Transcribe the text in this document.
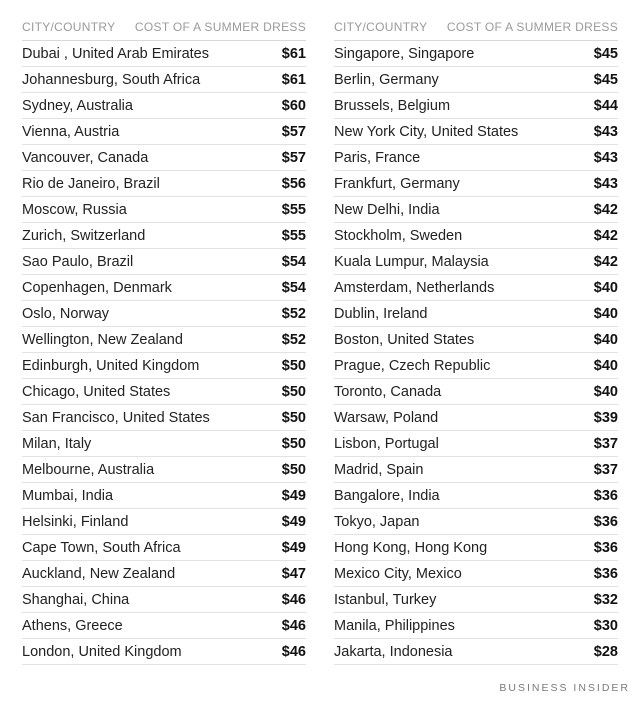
CITY/COUNTRY COST OF A SUMMER DRESS
Dubai , United Arab Emirates	$61
Johannesburg, South Africa	$61
Sydney, Australia	$60
Vienna, Austria	$57
Vancouver, Canada	$57
Rio de Janeiro, Brazil	$56
Moscow, Russia	$55
Zurich, Switzerland	$55
Sao Paulo, Brazil	$54
Copenhagen, Denmark	$54
Oslo, Norway	$52
Wellington, New Zealand	$52
Edinburgh, United Kingdom	$50
Chicago, United States	$50
San Francisco, United States	$50
Milan, Italy	$50
Melbourne, Australia	$50
Mumbai, India	$49
Helsinki, Finland	$49
Cape Town, South Africa	$49
Auckland, New Zealand	$47
Shanghai, China	$46
Athens, Greece	$46
London, United Kingdom	$46
CITY/COUNTRY COST OF A SUMMER DRESS
Singapore, Singapore	$45
Berlin, Germany	$45
Brussels, Belgium	$44
New York City, United States	$43
Paris, France	$43
Frankfurt, Germany	$43
New Delhi, India	$42
Stockholm, Sweden	$42
Kuala Lumpur, Malaysia	$42
Amsterdam, Netherlands	$40
Dublin, Ireland	$40
Boston, United States	$40
Prague, Czech Republic	$40
Toronto, Canada	$40
Warsaw, Poland	$39
Lisbon, Portugal	$37
Madrid, Spain	$37
Bangalore, India	$36
Tokyo, Japan	$36
Hong Kong, Hong Kong	$36
Mexico City, Mexico	$36
Istanbul, Turkey	$32
Manila, Philippines	$30
Jakarta, Indonesia	$28
BUSINESS INSIDER
